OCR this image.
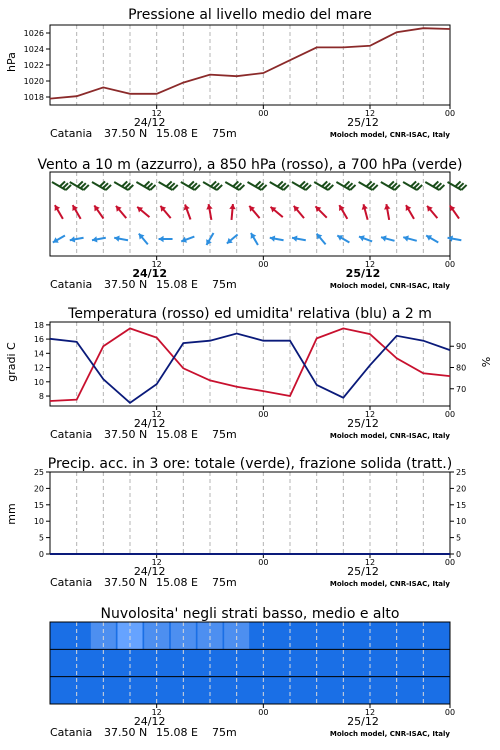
Pressione al livello medio del mare
hPa
1018
1020
1022
1024
1026
12	00	12	00
24/12	25/12
Catania 37.50 N 15.08 E 75m	Moloch model, CNR-ISAC, Italy
Vento a 10 m (azzurro), a 850 hPa (rosso), a 700 hPa (verde)
12	00	12	00
24/12	25/12
Catania 37.50 N 15.08 E 75m	Moloch model, CNR-ISAC, Italy
Temperatura (rosso) ed umidita' relativa (blu) a 2 m
gradi C	%
8
10
12
14
16
18
70
80
90
12	00	12	00
24/12	25/12
Catania 37.50 N 15.08 E 75m	Moloch model, CNR-ISAC, Italy
Precip. acc. in 3 ore: totale (verde), frazione solida (tratt.)
mm
0
5
10
15
20
25
0
5
10
15
20
25
12	00	12	00
24/12	25/12
Catania 37.50 N 15.08 E 75m	Moloch model, CNR-ISAC, Italy
Nuvolosita' negli strati basso, medio e alto
12	00	12	00
24/12	25/12
Catania 37.50 N 15.08 E 75m	Moloch model, CNR-ISAC, Italy
